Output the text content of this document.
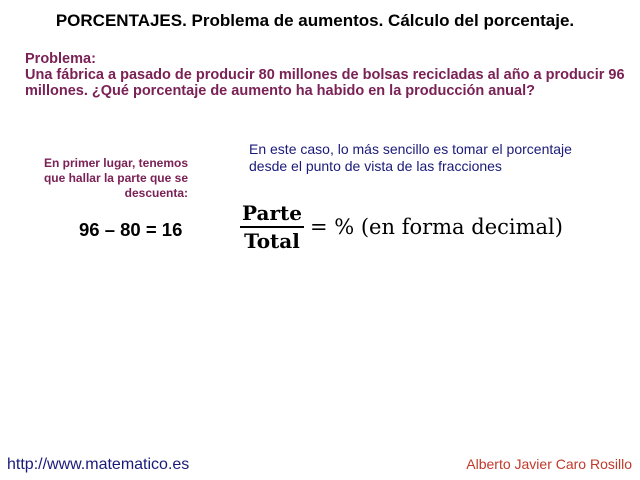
PORCENTAJES. Problema de aumentos. Cálculo del porcentaje.
Problema:
Una fábrica a pasado de producir 80 millones de bolsas recicladas al año a producir 96 millones. ¿Qué porcentaje de aumento ha habido en la producción anual?
En primer lugar, tenemos que hallar la parte que se descuenta:
96 – 80 = 16
En este caso, lo más sencillo es tomar el porcentaje desde el punto de vista de las fracciones
$\frac{\text{Parte}}{\text{Total}}$ = % (en forma decimal)
http://www.matematico.es	Alberto Javier Caro Rosillo
